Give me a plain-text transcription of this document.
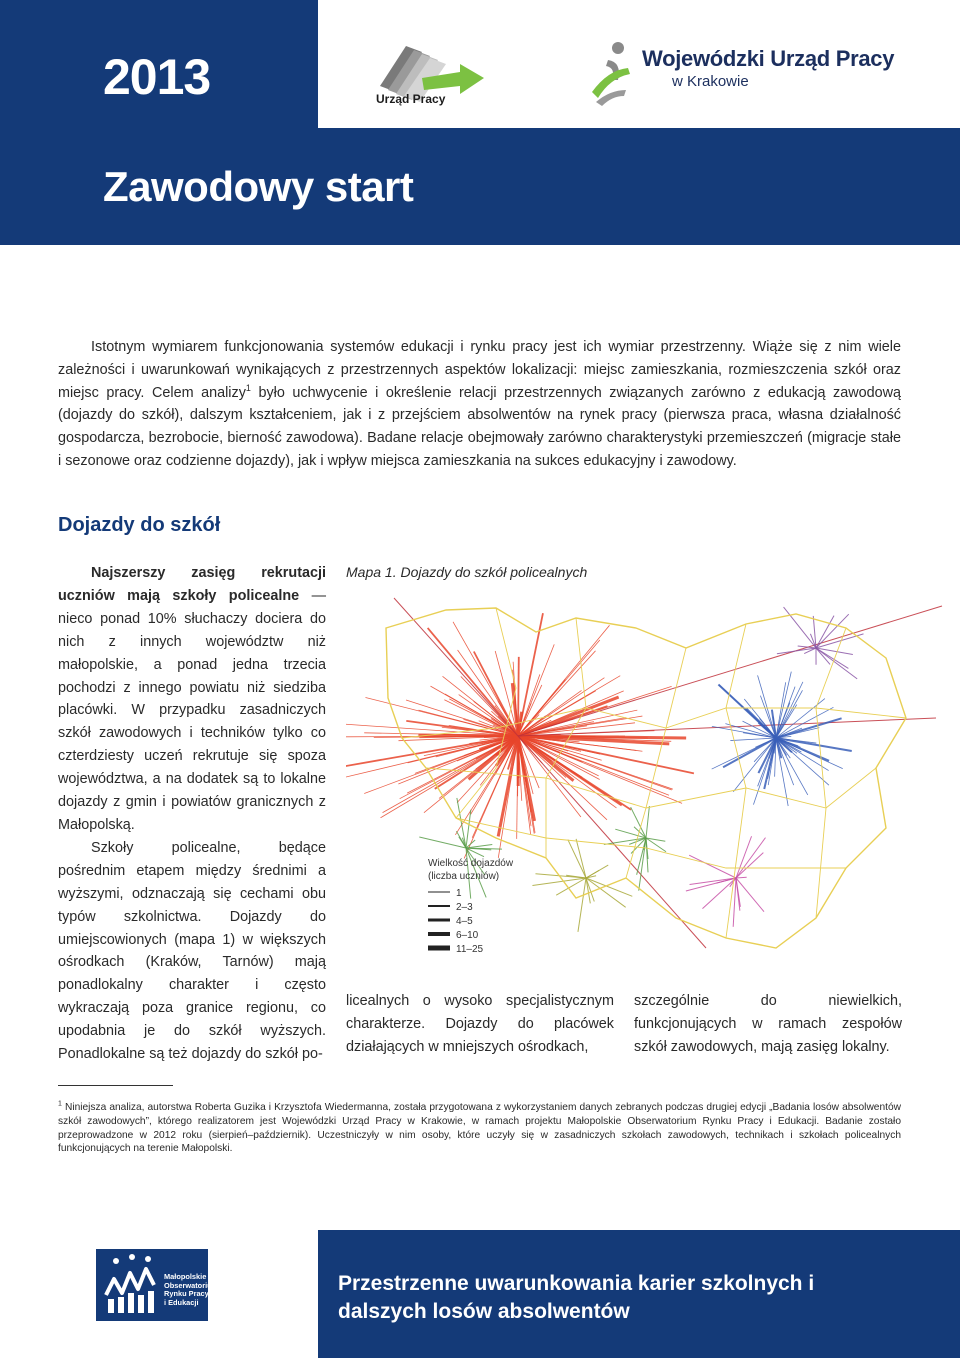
2013	Urząd Pracy
Wojewódzki Urząd Pracy
w Krakowie
Zawodowy start
Istotnym wymiarem funkcjonowania systemów edukacji i rynku pracy jest ich wymiar przestrzenny. Wiąże się z nim wiele zależności i uwarunkowań wynikających z przestrzennych aspektów lokalizacji: miejsc zamieszkania, rozmieszczenia szkół oraz miejsc pracy. Celem analizy$^1$ było uchwycenie i określenie relacji przestrzennych związanych zarówno z edukacją zawodową (dojazdy do szkół), dalszym kształceniem, jak i z przejściem absolwentów na rynek pracy (pierwsza praca, własna działalność gospodarcza, bezrobocie, bierność zawodowa). Badane relacje obejmowały zarówno charakterystyki przemieszczeń (migracje stałe i sezonowe oraz codzienne dojazdy), jak i wpływ miejsca zamieszkania na sukces edukacyjny i zawodowy.
Dojazdy do szkół

Najszerszy zasięg rekrutacji uczniów mają szkoły policealne — nieco ponad 10% słuchaczy dociera do nich z innych województw niż małopolskie, a ponad jedna trzecia pochodzi z innego powiatu niż siedziba placówki. W przypadku zasadniczych szkół zawodowych i techników tylko co czterdziesty uczeń rekrutuje się spoza województwa, a na dodatek są to lokalne dojazdy z gmin i powiatów granicznych z Małopolską.

Szkoły policealne, będące pośrednim etapem między średnimi a wyższymi, odznaczają się cechami obu typów szkolnictwa. Dojazdy do umiejscowionych (mapa 1) w większych ośrodkach (Kraków, Tarnów) mają ponadlokalny charakter i często wykraczają poza granice regionu, co upodabnia je do szkół wyższych. Ponadlokalne są też dojazdy do szkół po-

Mapa 1. Dojazdy do szkół policealnych
Wielkość dojazdów
(liczba uczniów)
1
2–3
4–5
6–10
11–25
licealnych o wysoko specjalistycznym charakterze. Dojazdy do placówek działających w mniejszych ośrodkach,
szczególnie do niewielkich, funkcjonujących w ramach zespołów szkół zawodowych, mają zasięg lokalny.
$^1$ Niniejsza analiza, autorstwa Roberta Guzika i Krzysztofa Wiedermanna, została przygotowana z wykorzystaniem danych zebranych podczas drugiej edycji „Badania losów absolwentów szkół zawodowych”, którego realizatorem jest Wojewódzki Urząd Pracy w Krakowie, w ramach projektu Małopolskie Obserwatorium Rynku Pracy i Edukacji. Badanie zostało przeprowadzone w 2012 roku (sierpień–październik). Uczestniczyły w nim osoby, które uczyły się w zasadniczych szkołach zawodowych, technikach i szkołach policealnych funkcjonujących na terenie Małopolski.
Przestrzenne uwarunkowania karier szkolnych i dalszych losów absolwentów
Małopolskie
Obserwatorium
Rynku Pracy
i Edukacji
